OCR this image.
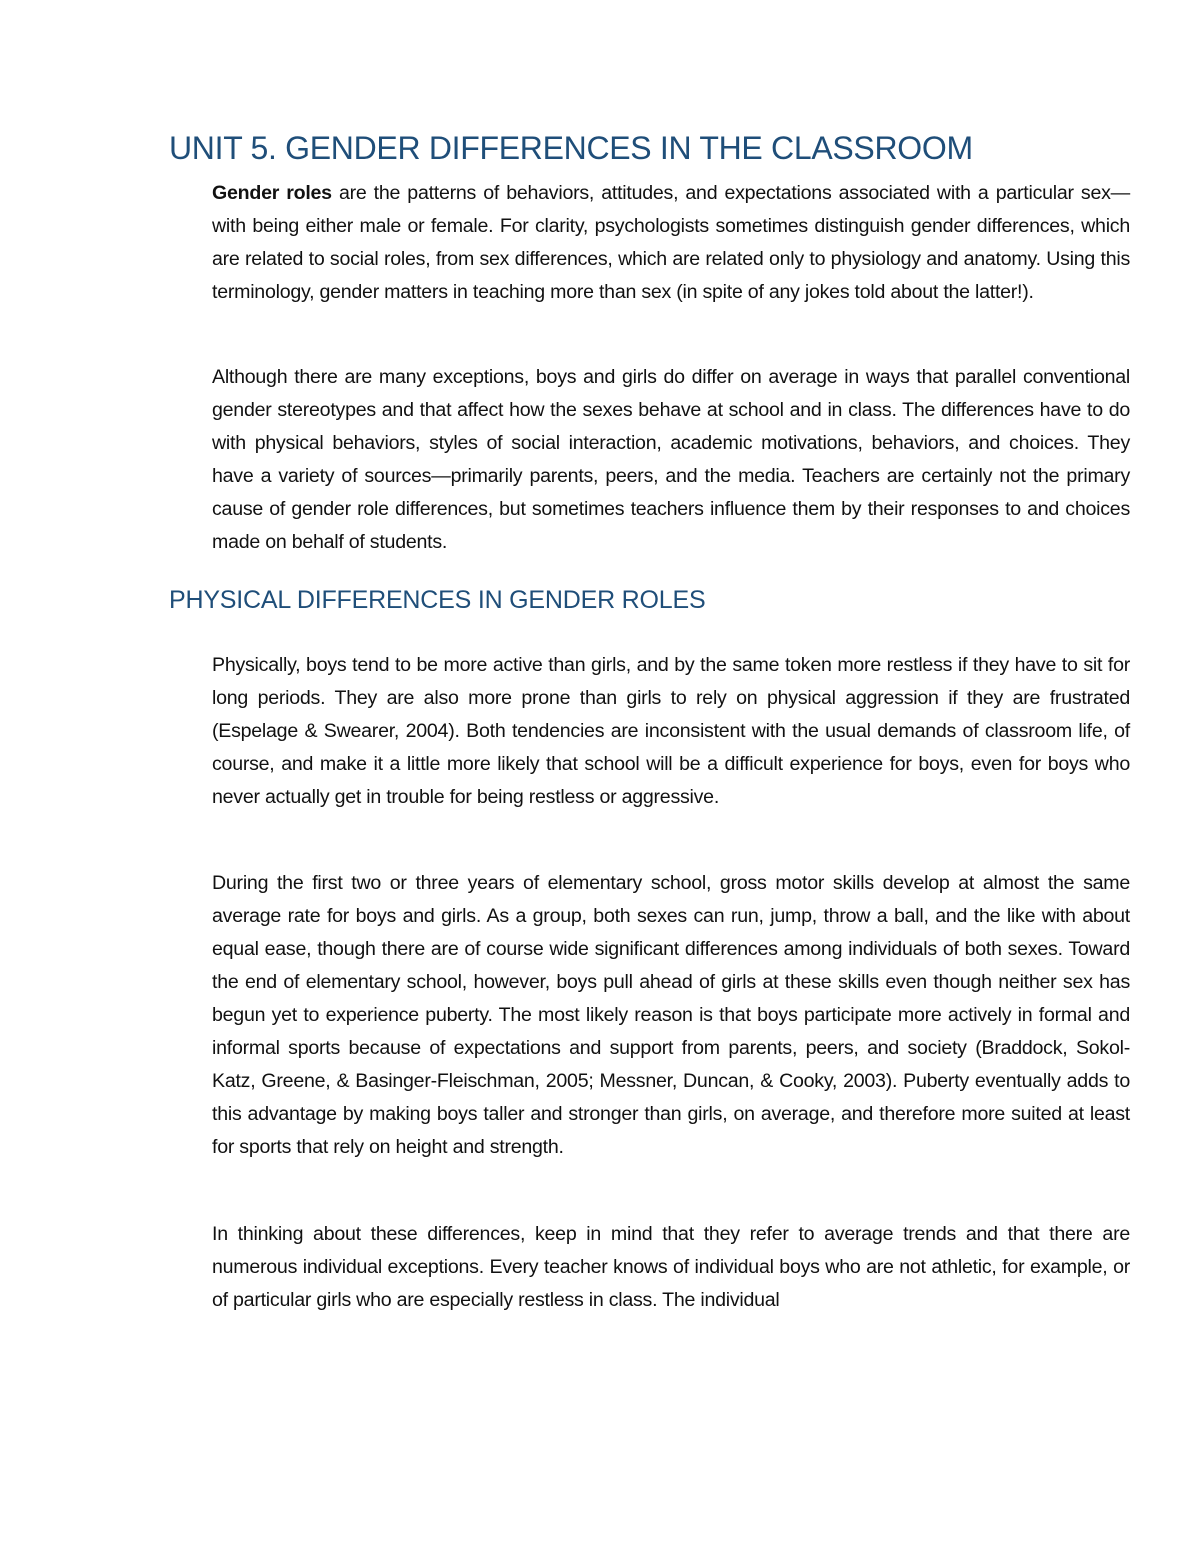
UNIT 5. GENDER DIFFERENCES IN THE CLASSROOM

Gender roles are the patterns of behaviors, attitudes, and expectations associated with a particular sex—with being either male or female. For clarity, psychologists sometimes distinguish gender differences, which are related to social roles, from sex differences, which are related only to physiology and anatomy. Using this terminology, gender matters in teaching more than sex (in spite of any jokes told about the latter!).

Although there are many exceptions, boys and girls do differ on average in ways that parallel conventional gender stereotypes and that affect how the sexes behave at school and in class. The differences have to do with physical behaviors, styles of social interaction, academic motivations, behaviors, and choices. They have a variety of sources—primarily parents, peers, and the media. Teachers are certainly not the primary cause of gender role differences, but sometimes teachers influence them by their responses to and choices made on behalf of students.

PHYSICAL DIFFERENCES IN GENDER ROLES

Physically, boys tend to be more active than girls, and by the same token more restless if they have to sit for long periods. They are also more prone than girls to rely on physical aggression if they are frustrated (Espelage & Swearer, 2004). Both tendencies are inconsistent with the usual demands of classroom life, of course, and make it a little more likely that school will be a difficult experience for boys, even for boys who never actually get in trouble for being restless or aggressive.

During the first two or three years of elementary school, gross motor skills develop at almost the same average rate for boys and girls. As a group, both sexes can run, jump, throw a ball, and the like with about equal ease, though there are of course wide significant differences among individuals of both sexes. Toward the end of elementary school, however, boys pull ahead of girls at these skills even though neither sex has begun yet to experience puberty. The most likely reason is that boys participate more actively in formal and informal sports because of expectations and support from parents, peers, and society (Braddock, Sokol-Katz, Greene, & Basinger-Fleischman, 2005; Messner, Duncan, & Cooky, 2003). Puberty eventually adds to this advantage by making boys taller and stronger than girls, on average, and therefore more suited at least for sports that rely on height and strength.

In thinking about these differences, keep in mind that they refer to average trends and that there are numerous individual exceptions. Every teacher knows of individual boys who are not athletic, for example, or of particular girls who are especially restless in class. The individual
